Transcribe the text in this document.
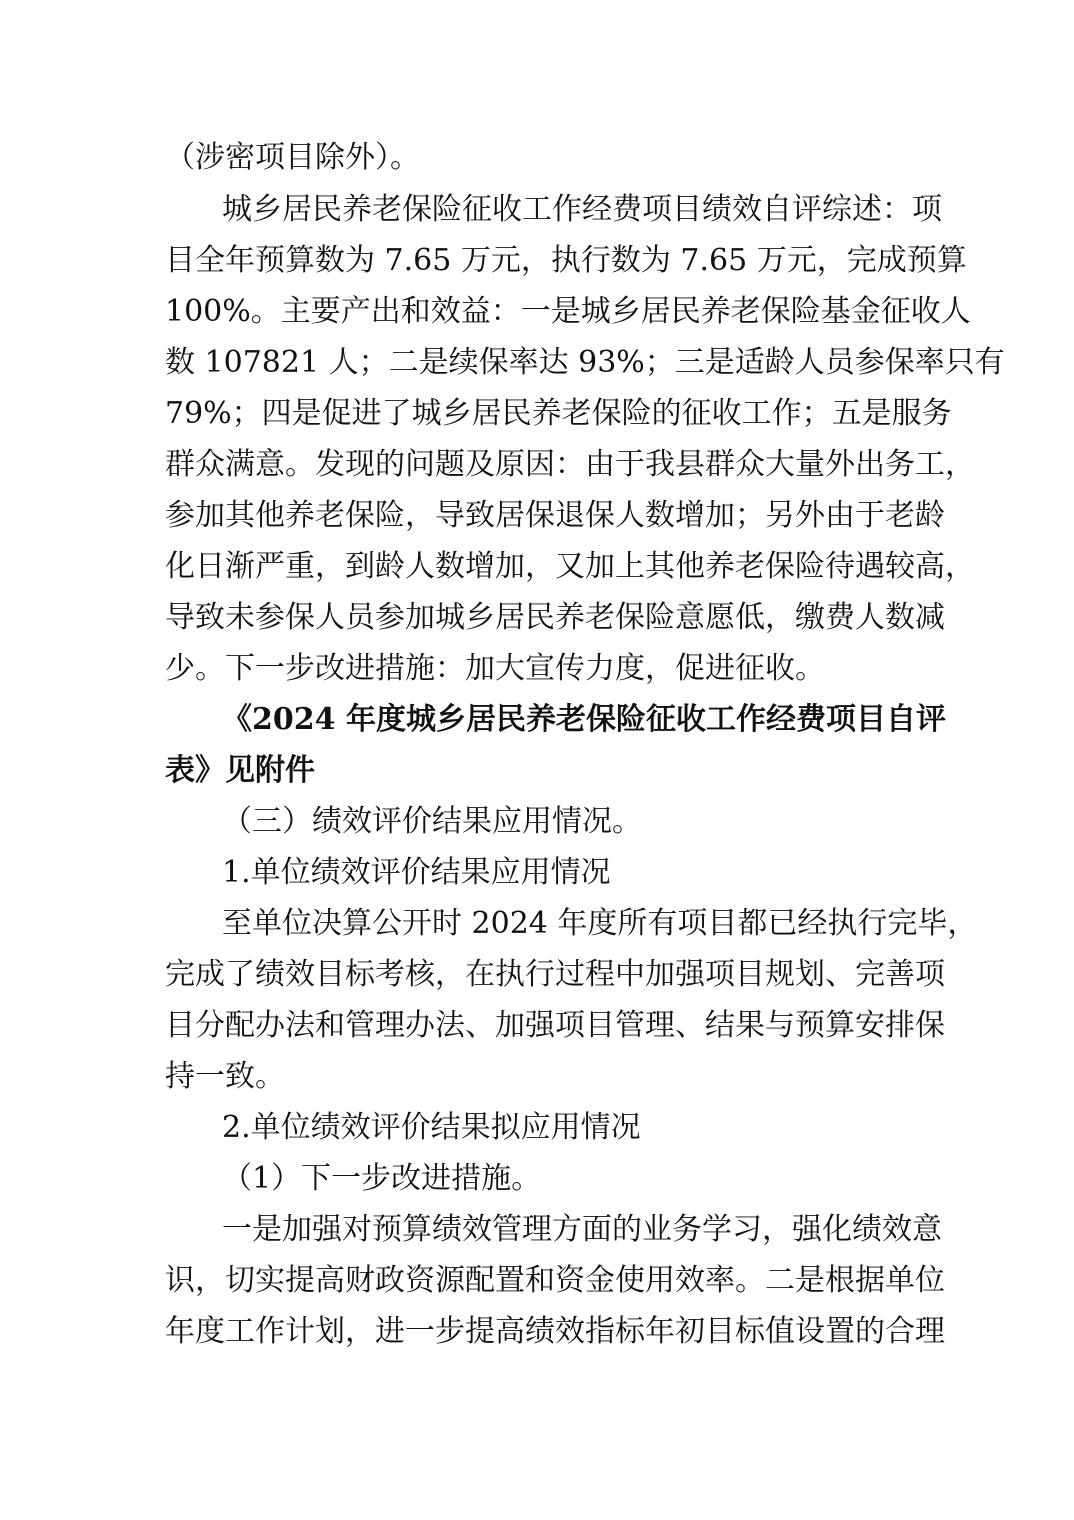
（涉密项目除外）。

城乡居民养老保险征收工作经费项目绩效自评综述：项

目全年预算数为 7.65 万元，执行数为 7.65 万元，完成预算

100%。主要产出和效益：一是城乡居民养老保险基金征收人

数 107821 人；二是续保率达 93%；三是适龄人员参保率只有

79%；四是促进了城乡居民养老保险的征收工作；五是服务

群众满意。发现的问题及原因：由于我县群众大量外出务工，

参加其他养老保险，导致居保退保人数增加；另外由于老龄

化日渐严重，到龄人数增加，又加上其他养老保险待遇较高，

导致未参保人员参加城乡居民养老保险意愿低，缴费人数减

少。下一步改进措施：加大宣传力度，促进征收。

《2024 年度城乡居民养老保险征收工作经费项目自评

表》见附件

（三）绩效评价结果应用情况。

1.单位绩效评价结果应用情况

至单位决算公开时 2024 年度所有项目都已经执行完毕，

完成了绩效目标考核，在执行过程中加强项目规划、完善项

目分配办法和管理办法、加强项目管理、结果与预算安排保

持一致。

2.单位绩效评价结果拟应用情况

（1）下一步改进措施。

一是加强对预算绩效管理方面的业务学习，强化绩效意

识，切实提高财政资源配置和资金使用效率。二是根据单位

年度工作计划，进一步提高绩效指标年初目标值设置的合理
